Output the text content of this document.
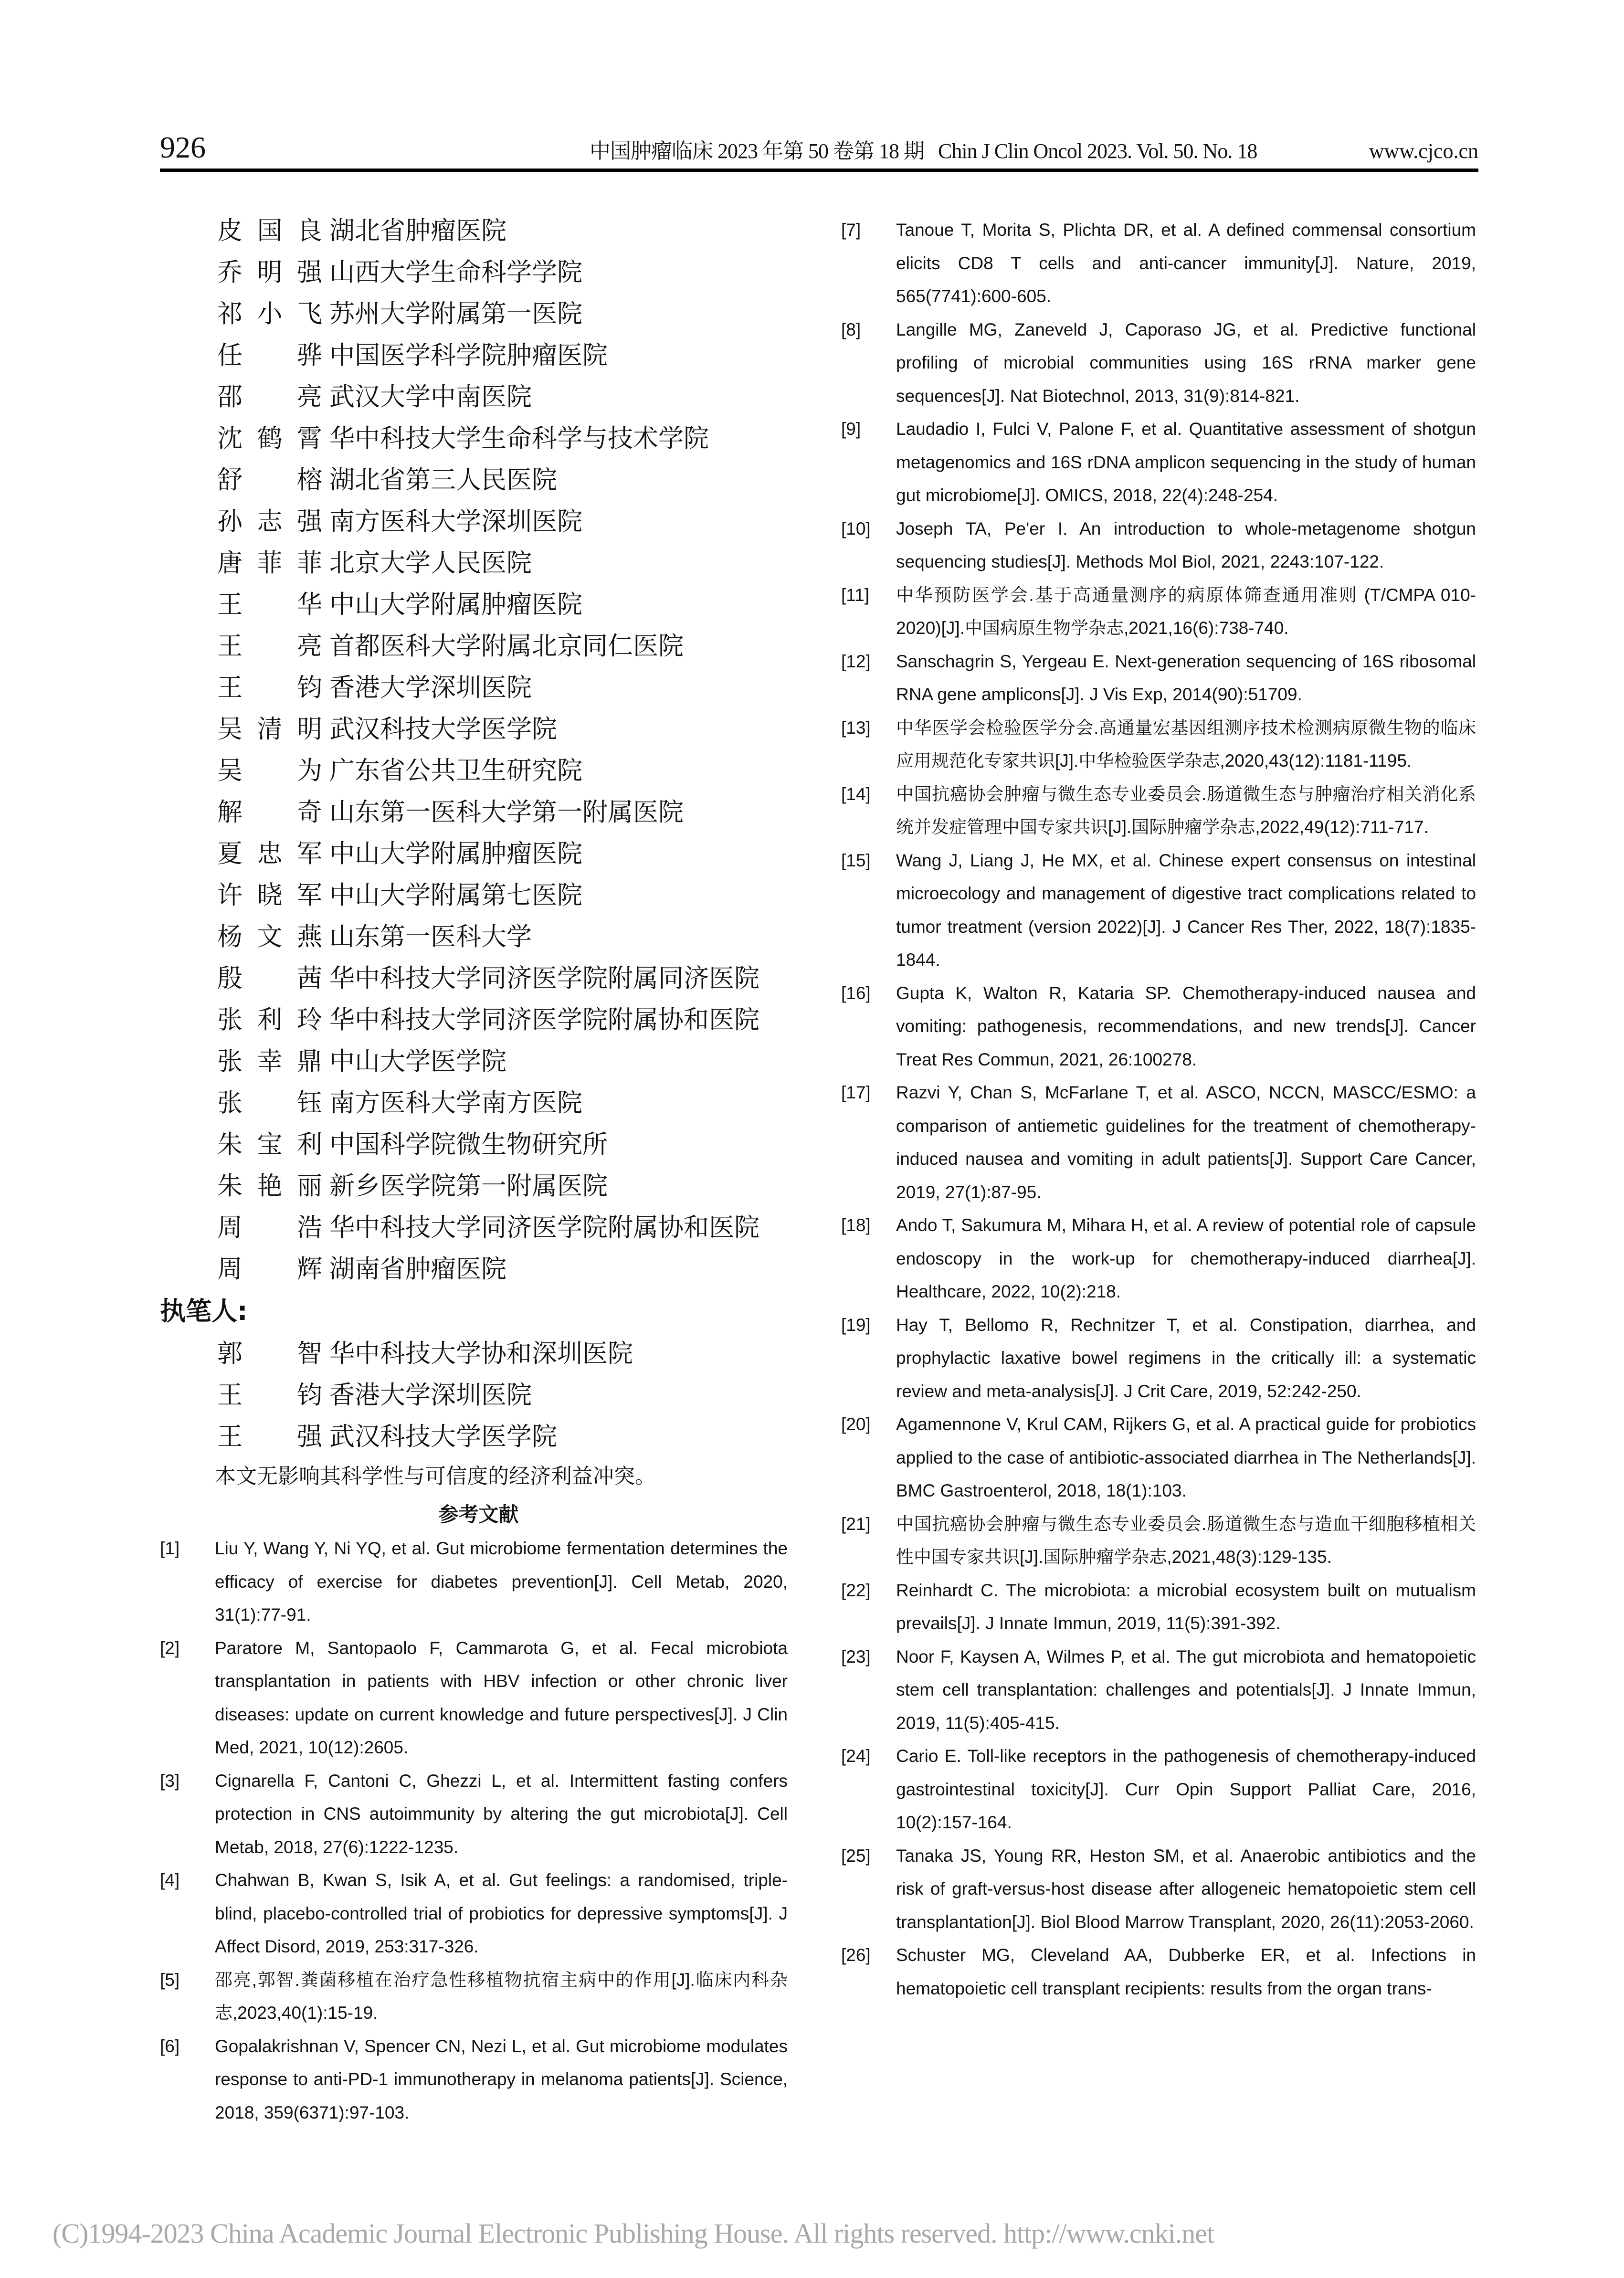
926	中国肿瘤临床 2023 年第 50 卷第 18 期 Chin J Clin Oncol 2023. Vol. 50. No. 18	www.cjco.cn
皮 国 良 湖北省肿瘤医院
乔 明 强 山西大学生命科学学院
祁 小 飞 苏州大学附属第一医院
任 骅 中国医学科学院肿瘤医院
邵 亮 武汉大学中南医院
沈 鹤 霄 华中科技大学生命科学与技术学院
舒 榕 湖北省第三人民医院
孙 志 强 南方医科大学深圳医院
唐 菲 菲 北京大学人民医院
王 华 中山大学附属肿瘤医院
王 亮 首都医科大学附属北京同仁医院
王 钧 香港大学深圳医院
吴 清 明 武汉科技大学医学院
吴 为 广东省公共卫生研究院
解 奇 山东第一医科大学第一附属医院
夏 忠 军 中山大学附属肿瘤医院
许 晓 军 中山大学附属第七医院
杨 文 燕 山东第一医科大学
殷 茜 华中科技大学同济医学院附属同济医院
张 利 玲 华中科技大学同济医学院附属协和医院
张 幸 鼎 中山大学医学院
张 钰 南方医科大学南方医院
朱 宝 利 中国科学院微生物研究所
朱 艳 丽 新乡医学院第一附属医院
周 浩 华中科技大学同济医学院附属协和医院
周 辉 湖南省肿瘤医院
执笔人:
郭 智 华中科技大学协和深圳医院
王 钧 香港大学深圳医院
王 强 武汉科技大学医学院
本文无影响其科学性与可信度的经济利益冲突。
参考文献
[1] Liu Y, Wang Y, Ni YQ, et al. Gut microbiome fermentation determines the efficacy of exercise for diabetes prevention[J]. Cell Metab, 2020, 31(1):77-91.
[2] Paratore M, Santopaolo F, Cammarota G, et al. Fecal microbiota transplantation in patients with HBV infection or other chronic liver diseases: update on current knowledge and future perspectives[J]. J Clin Med, 2021, 10(12):2605.
[3] Cignarella F, Cantoni C, Ghezzi L, et al. Intermittent fasting confers protection in CNS autoimmunity by altering the gut microbiota[J]. Cell Metab, 2018, 27(6):1222-1235.
[4] Chahwan B, Kwan S, Isik A, et al. Gut feelings: a randomised, triple-blind, placebo-controlled trial of probiotics for depressive symptoms[J]. J Affect Disord, 2019, 253:317-326.
[5] 邵亮,郭智.粪菌移植在治疗急性移植物抗宿主病中的作用[J].临床内科杂志,2023,40(1):15-19.
[6] Gopalakrishnan V, Spencer CN, Nezi L, et al. Gut microbiome modulates response to anti-PD-1 immunotherapy in melanoma patients[J]. Science, 2018, 359(6371):97-103.
[7] Tanoue T, Morita S, Plichta DR, et al. A defined commensal consortium elicits CD8 T cells and anti-cancer immunity[J]. Nature, 2019, 565(7741):600-605.
[8] Langille MG, Zaneveld J, Caporaso JG, et al. Predictive functional profiling of microbial communities using 16S rRNA marker gene sequences[J]. Nat Biotechnol, 2013, 31(9):814-821.
[9] Laudadio I, Fulci V, Palone F, et al. Quantitative assessment of shotgun metagenomics and 16S rDNA amplicon sequencing in the study of human gut microbiome[J]. OMICS, 2018, 22(4):248-254.
[10] Joseph TA, Pe'er I. An introduction to whole-metagenome shotgun sequencing studies[J]. Methods Mol Biol, 2021, 2243:107-122.
[11] 中华预防医学会.基于高通量测序的病原体筛查通用准则 (T/CMPA 010-2020)[J].中国病原生物学杂志,2021,16(6):738-740.
[12] Sanschagrin S, Yergeau E. Next-generation sequencing of 16S ribosomal RNA gene amplicons[J]. J Vis Exp, 2014(90):51709.
[13] 中华医学会检验医学分会.高通量宏基因组测序技术检测病原微生物的临床应用规范化专家共识[J].中华检验医学杂志,2020,43(12):1181-1195.
[14] 中国抗癌协会肿瘤与微生态专业委员会.肠道微生态与肿瘤治疗相关消化系统并发症管理中国专家共识[J].国际肿瘤学杂志,2022,49(12):711-717.
[15] Wang J, Liang J, He MX, et al. Chinese expert consensus on intestinal microecology and management of digestive tract complications related to tumor treatment (version 2022)[J]. J Cancer Res Ther, 2022, 18(7):1835-1844.
[16] Gupta K, Walton R, Kataria SP. Chemotherapy-induced nausea and vomiting: pathogenesis, recommendations, and new trends[J]. Cancer Treat Res Commun, 2021, 26:100278.
[17] Razvi Y, Chan S, McFarlane T, et al. ASCO, NCCN, MASCC/ESMO: a comparison of antiemetic guidelines for the treatment of chemotherapy-induced nausea and vomiting in adult patients[J]. Support Care Cancer, 2019, 27(1):87-95.
[18] Ando T, Sakumura M, Mihara H, et al. A review of potential role of capsule endoscopy in the work-up for chemotherapy-induced diarrhea[J]. Healthcare, 2022, 10(2):218.
[19] Hay T, Bellomo R, Rechnitzer T, et al. Constipation, diarrhea, and prophylactic laxative bowel regimens in the critically ill: a systematic review and meta-analysis[J]. J Crit Care, 2019, 52:242-250.
[20] Agamennone V, Krul CAM, Rijkers G, et al. A practical guide for probiotics applied to the case of antibiotic-associated diarrhea in The Netherlands[J]. BMC Gastroenterol, 2018, 18(1):103.
[21] 中国抗癌协会肿瘤与微生态专业委员会.肠道微生态与造血干细胞移植相关性中国专家共识[J].国际肿瘤学杂志,2021,48(3):129-135.
[22] Reinhardt C. The microbiota: a microbial ecosystem built on mutualism prevails[J]. J Innate Immun, 2019, 11(5):391-392.
[23] Noor F, Kaysen A, Wilmes P, et al. The gut microbiota and hematopoietic stem cell transplantation: challenges and potentials[J]. J Innate Immun, 2019, 11(5):405-415.
[24] Cario E. Toll-like receptors in the pathogenesis of chemotherapy-induced gastrointestinal toxicity[J]. Curr Opin Support Palliat Care, 2016, 10(2):157-164.
[25] Tanaka JS, Young RR, Heston SM, et al. Anaerobic antibiotics and the risk of graft-versus-host disease after allogeneic hematopoietic stem cell transplantation[J]. Biol Blood Marrow Transplant, 2020, 26(11):2053-2060.
[26] Schuster MG, Cleveland AA, Dubberke ER, et al. Infections in hematopoietic cell transplant recipients: results from the organ trans-
(C)1994-2023 China Academic Journal Electronic Publishing House. All rights reserved. http://www.cnki.net
